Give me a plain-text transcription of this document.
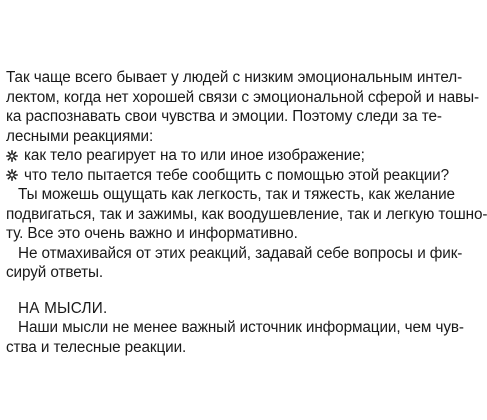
Так чаще всего бывает у людей с низким эмоциональным интел-
лектом, когда нет хорошей связи с эмоциональной сферой и навы-
ка распознавать свои чувства и эмоции. Поэтому следи за те-
лесными реакциями:
как тело реагирует на то или иное изображение;
что тело пытается тебе сообщить с помощью этой реакции?
Ты можешь ощущать как легкость, так и тяжесть, как желание
подвигаться, так и зажимы, как воодушевление, так и легкую тошно-
ту. Все это очень важно и информативно.
Не отмахивайся от этих реакций, задавай себе вопросы и фик-
сируй ответы.
НА МЫСЛИ.
Наши мысли не менее важный источник информации, чем чув-
ства и телесные реакции.
